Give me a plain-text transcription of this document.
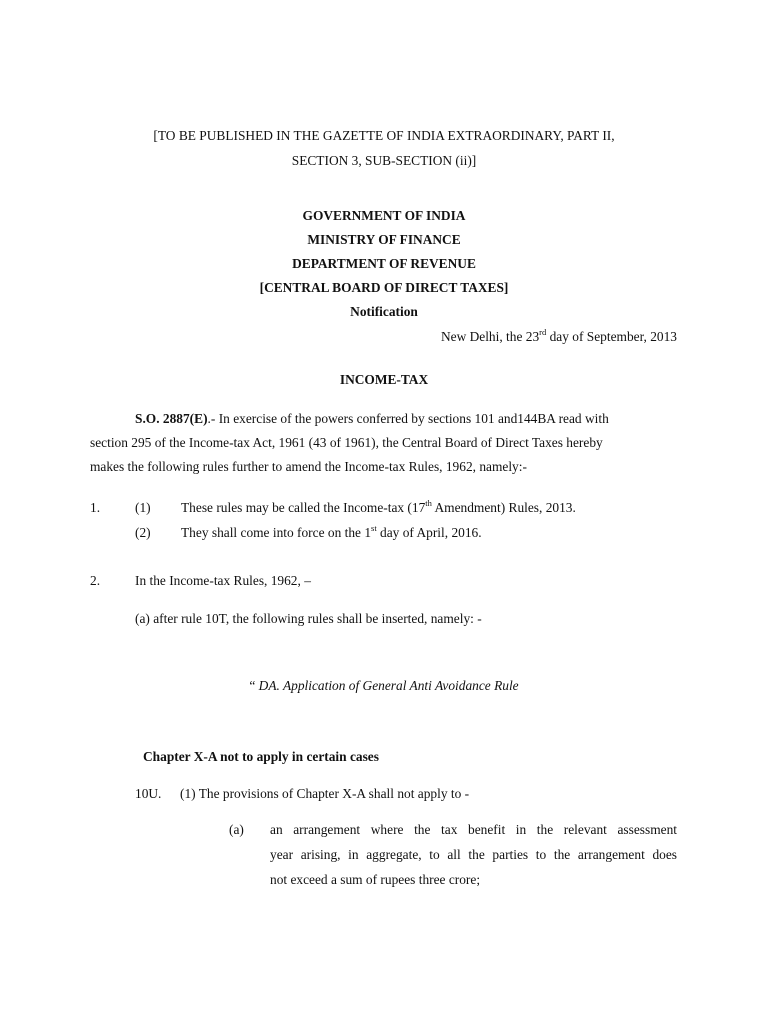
[TO BE PUBLISHED IN THE GAZETTE OF INDIA EXTRAORDINARY, PART II,
SECTION 3, SUB-SECTION (ii)]
GOVERNMENT OF INDIA
MINISTRY OF FINANCE
DEPARTMENT OF REVENUE
[CENTRAL BOARD OF DIRECT TAXES]
Notification
New Delhi, the 23rd day of September, 2013
INCOME-TAX
S.O. 2887(E).- In exercise of the powers conferred by sections 101 and144BA read with
section 295 of the Income-tax Act, 1961 (43 of 1961), the Central Board of Direct Taxes hereby
makes the following rules further to amend the Income-tax Rules, 1962, namely:-
1.	(1) These rules may be called the Income-tax (17th Amendment) Rules, 2013.
(2) They shall come into force on the 1st day of April, 2016.
2.	In the Income-tax Rules, 1962, –
(a) after rule 10T, the following rules shall be inserted, namely: -
“ DA. Application of General Anti Avoidance Rule
Chapter X-A not to apply in certain cases
10U. (1) The provisions of Chapter X-A shall not apply to -
(a) an arrangement where the tax benefit in the relevant assessment
year arising, in aggregate, to all the parties to the arrangement does
not exceed a sum of rupees three crore;
